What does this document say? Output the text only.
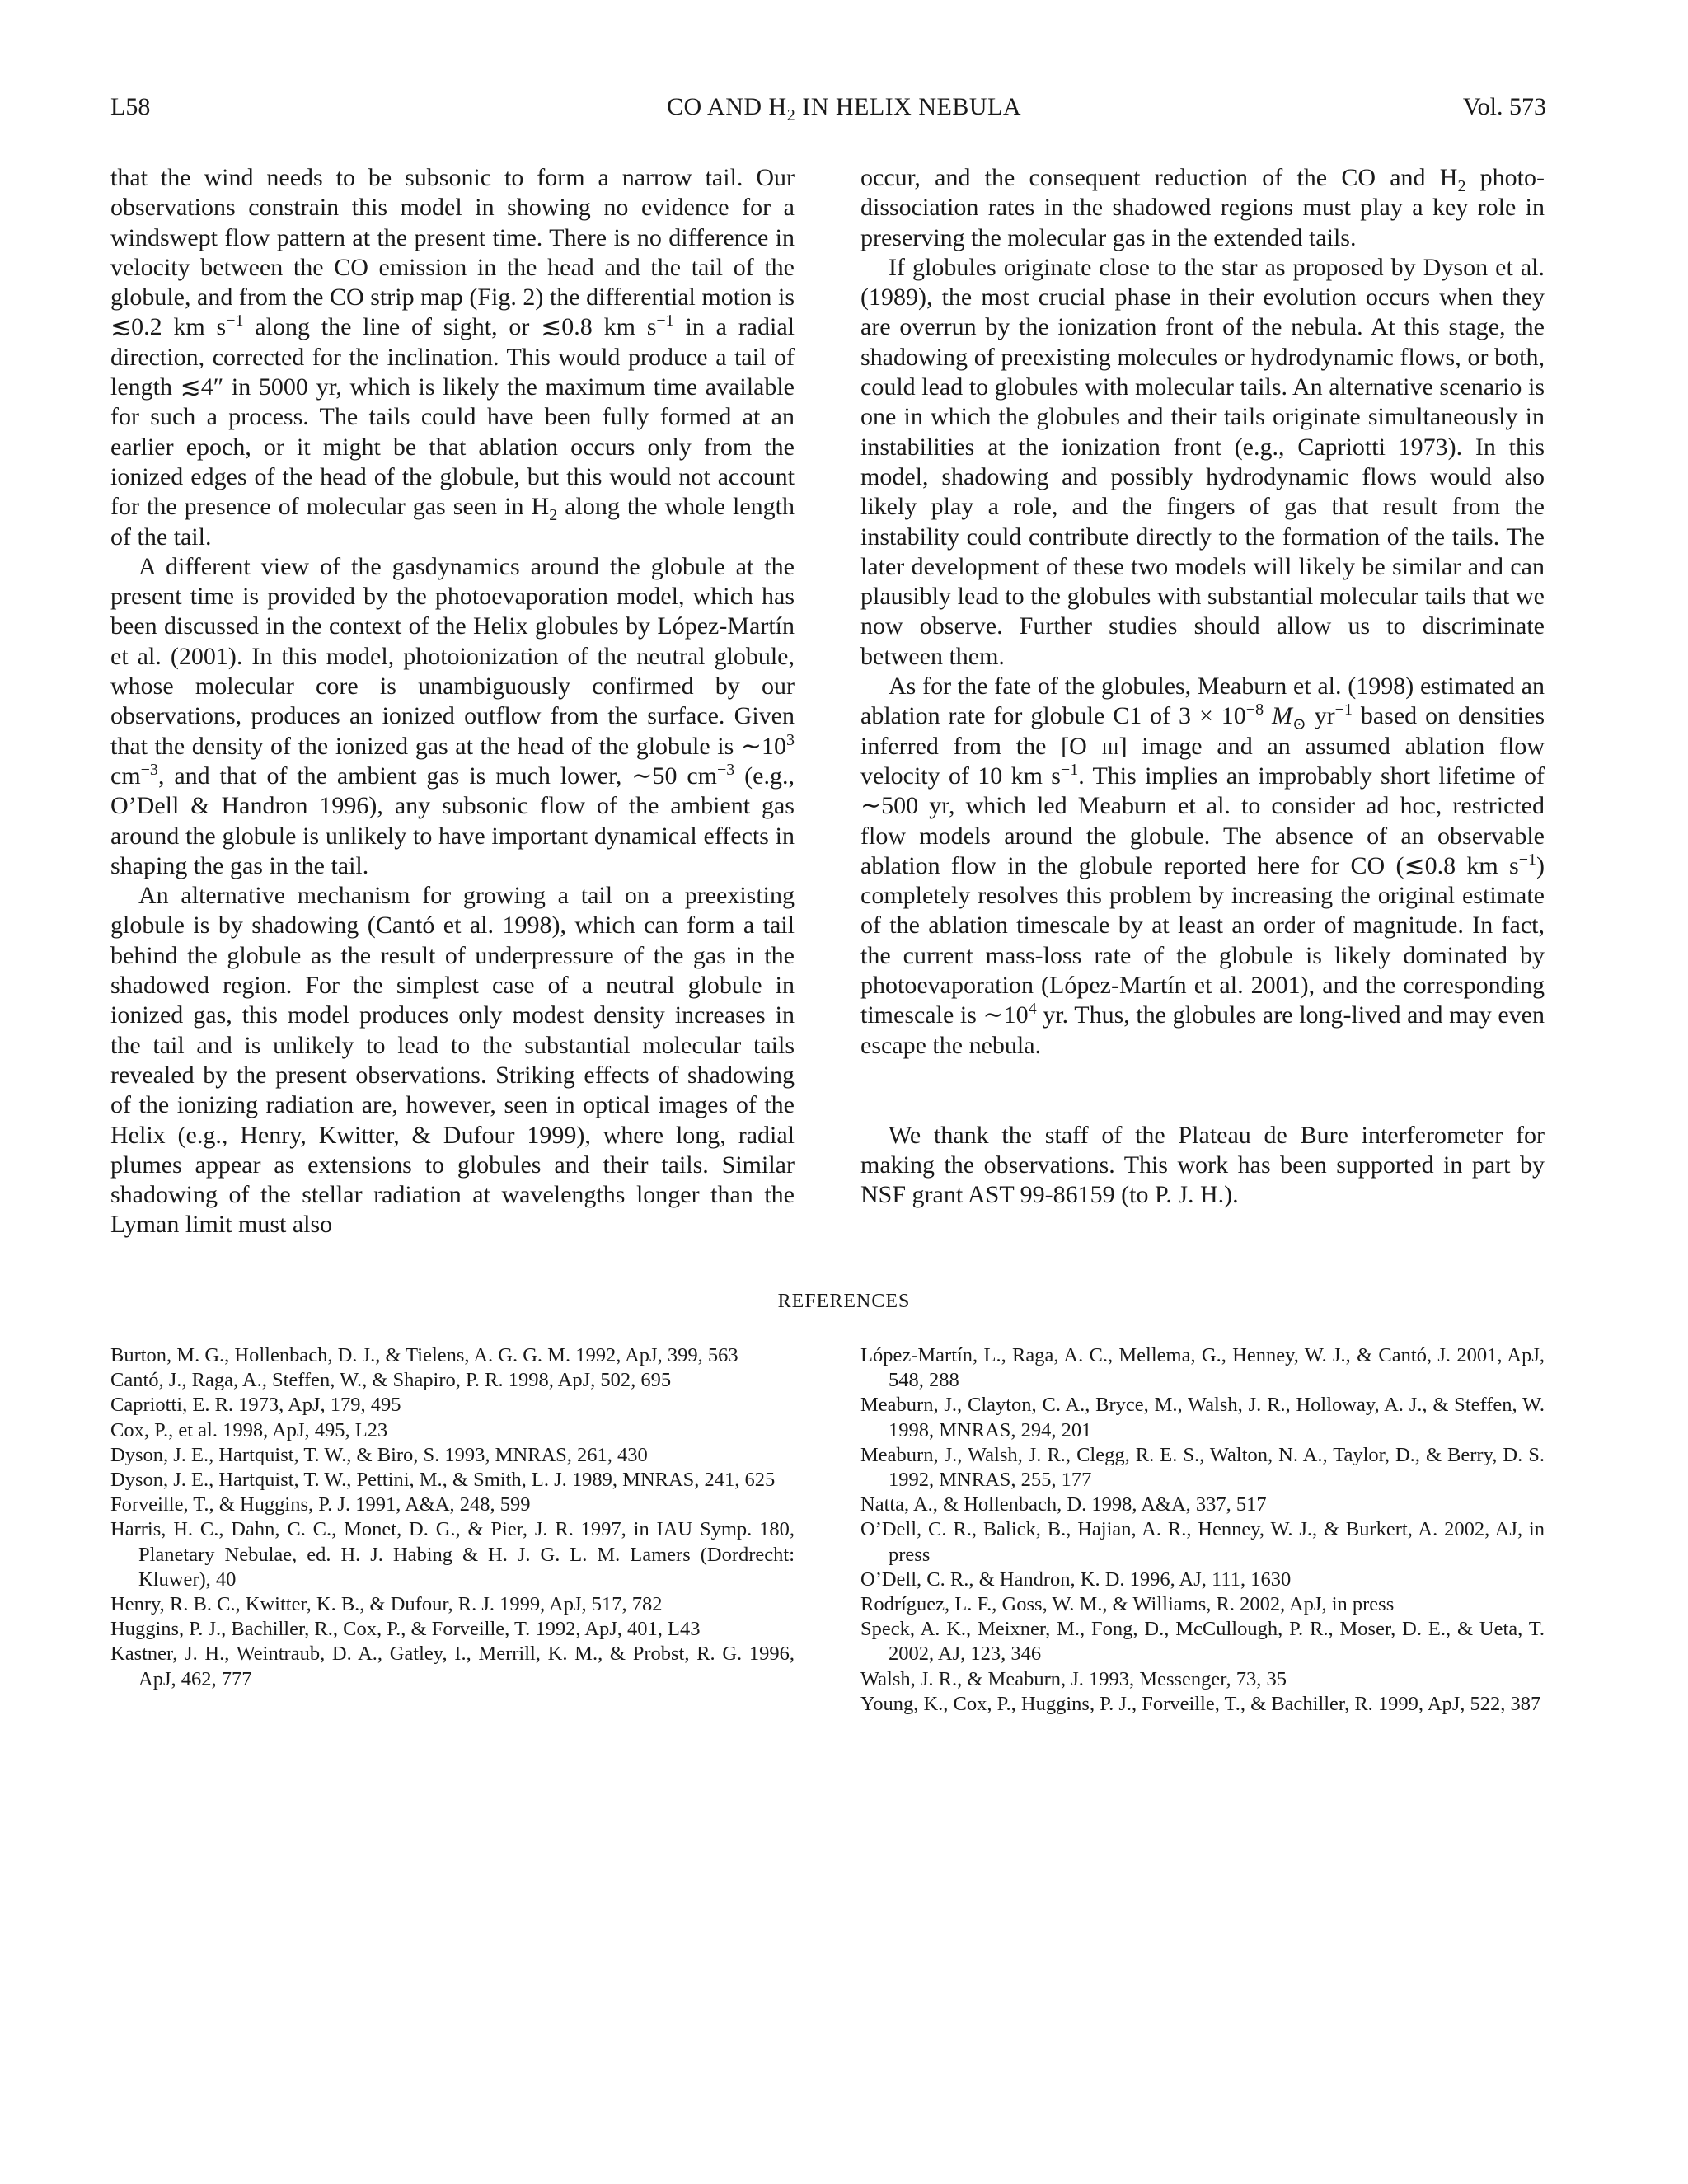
L58	CO AND $H_2$ IN HELIX NEBULA	Vol. 573

that the wind needs to be subsonic to form a narrow tail. Our observations constrain this model in showing no evidence for a windswept flow pattern at the present time. There is no difference in velocity between the CO emission in the head and the tail of the globule, and from the CO strip map (Fig. 2) the differential motion is ≲0.2 km $s^{-1}$ along the line of sight, or ≲0.8 km $s^{-1}$ in a radial direction, corrected for the inclination. This would produce a tail of length ≲4″ in 5000 yr, which is likely the maximum time available for such a process. The tails could have been fully formed at an earlier epoch, or it might be that ablation occurs only from the ionized edges of the head of the globule, but this would not account for the presence of molecular gas seen in $H_2$ along the whole length of the tail.

A different view of the gasdynamics around the globule at the present time is provided by the photoevaporation model, which has been discussed in the context of the Helix globules by López-Martín et al. (2001). In this model, photoionization of the neutral globule, whose molecular core is unambiguously confirmed by our observations, produces an ionized outflow from the surface. Given that the density of the ionized gas at the head of the globule is $\sim 10^3$ $cm^{-3}$, and that of the ambient gas is much lower, ∼50 $cm^{-3}$ (e.g., O’Dell & Handron 1996), any subsonic flow of the ambient gas around the globule is unlikely to have important dynamical effects in shaping the gas in the tail.

An alternative mechanism for growing a tail on a preexisting globule is by shadowing (Cantó et al. 1998), which can form a tail behind the globule as the result of underpressure of the gas in the shadowed region. For the simplest case of a neutral globule in ionized gas, this model produces only modest density increases in the tail and is unlikely to lead to the substantial molecular tails revealed by the present observations. Striking effects of shadowing of the ionizing radiation are, however, seen in optical images of the Helix (e.g., Henry, Kwitter, & Dufour 1999), where long, radial plumes appear as extensions to globules and their tails. Similar shadowing of the stellar radiation at wavelengths longer than the Lyman limit must also

occur, and the consequent reduction of the CO and $H_2$ photo-dissociation rates in the shadowed regions must play a key role in preserving the molecular gas in the extended tails.

If globules originate close to the star as proposed by Dyson et al. (1989), the most crucial phase in their evolution occurs when they are overrun by the ionization front of the nebula. At this stage, the shadowing of preexisting molecules or hydrodynamic flows, or both, could lead to globules with molecular tails. An alternative scenario is one in which the globules and their tails originate simultaneously in instabilities at the ionization front (e.g., Capriotti 1973). In this model, shadowing and possibly hydrodynamic flows would also likely play a role, and the fingers of gas that result from the instability could contribute directly to the formation of the tails. The later development of these two models will likely be similar and can plausibly lead to the globules with substantial molecular tails that we now observe. Further studies should allow us to discriminate between them.

As for the fate of the globules, Meaburn et al. (1998) estimated an ablation rate for globule C1 of $3 \times 10^{-8}$ $M_⊙$ $yr^{-1}$ based on densities inferred from the [O iii] image and an assumed ablation flow velocity of 10 km $s^{-1}$. This implies an improbably short lifetime of ∼500 yr, which led Meaburn et al. to consider ad hoc, restricted flow models around the globule. The absence of an observable ablation flow in the globule reported here for CO (≲0.8 km $s^{-1}$) completely resolves this problem by increasing the original estimate of the ablation timescale by at least an order of magnitude. In fact, the current mass-loss rate of the globule is likely dominated by photoevaporation (López-Martín et al. 2001), and the corresponding timescale is $\sim 10^4$ yr. Thus, the globules are long-lived and may even escape the nebula.

We thank the staff of the Plateau de Bure interferometer for making the observations. This work has been supported in part by NSF grant AST 99-86159 (to P. J. H.).

REFERENCES

Burton, M. G., Hollenbach, D. J., & Tielens, A. G. G. M. 1992, ApJ, 399, 563

Cantó, J., Raga, A., Steffen, W., & Shapiro, P. R. 1998, ApJ, 502, 695

Capriotti, E. R. 1973, ApJ, 179, 495

Cox, P., et al. 1998, ApJ, 495, L23

Dyson, J. E., Hartquist, T. W., & Biro, S. 1993, MNRAS, 261, 430

Dyson, J. E., Hartquist, T. W., Pettini, M., & Smith, L. J. 1989, MNRAS, 241, 625

Forveille, T., & Huggins, P. J. 1991, A&A, 248, 599

Harris, H. C., Dahn, C. C., Monet, D. G., & Pier, J. R. 1997, in IAU Symp. 180, Planetary Nebulae, ed. H. J. Habing & H. J. G. L. M. Lamers (Dordrecht: Kluwer), 40

Henry, R. B. C., Kwitter, K. B., & Dufour, R. J. 1999, ApJ, 517, 782

Huggins, P. J., Bachiller, R., Cox, P., & Forveille, T. 1992, ApJ, 401, L43

Kastner, J. H., Weintraub, D. A., Gatley, I., Merrill, K. M., & Probst, R. G. 1996, ApJ, 462, 777

López-Martín, L., Raga, A. C., Mellema, G., Henney, W. J., & Cantó, J. 2001, ApJ, 548, 288

Meaburn, J., Clayton, C. A., Bryce, M., Walsh, J. R., Holloway, A. J., & Steffen, W. 1998, MNRAS, 294, 201

Meaburn, J., Walsh, J. R., Clegg, R. E. S., Walton, N. A., Taylor, D., & Berry, D. S. 1992, MNRAS, 255, 177

Natta, A., & Hollenbach, D. 1998, A&A, 337, 517

O’Dell, C. R., Balick, B., Hajian, A. R., Henney, W. J., & Burkert, A. 2002, AJ, in press

O’Dell, C. R., & Handron, K. D. 1996, AJ, 111, 1630

Rodríguez, L. F., Goss, W. M., & Williams, R. 2002, ApJ, in press

Speck, A. K., Meixner, M., Fong, D., McCullough, P. R., Moser, D. E., & Ueta, T. 2002, AJ, 123, 346

Walsh, J. R., & Meaburn, J. 1993, Messenger, 73, 35

Young, K., Cox, P., Huggins, P. J., Forveille, T., & Bachiller, R. 1999, ApJ, 522, 387
